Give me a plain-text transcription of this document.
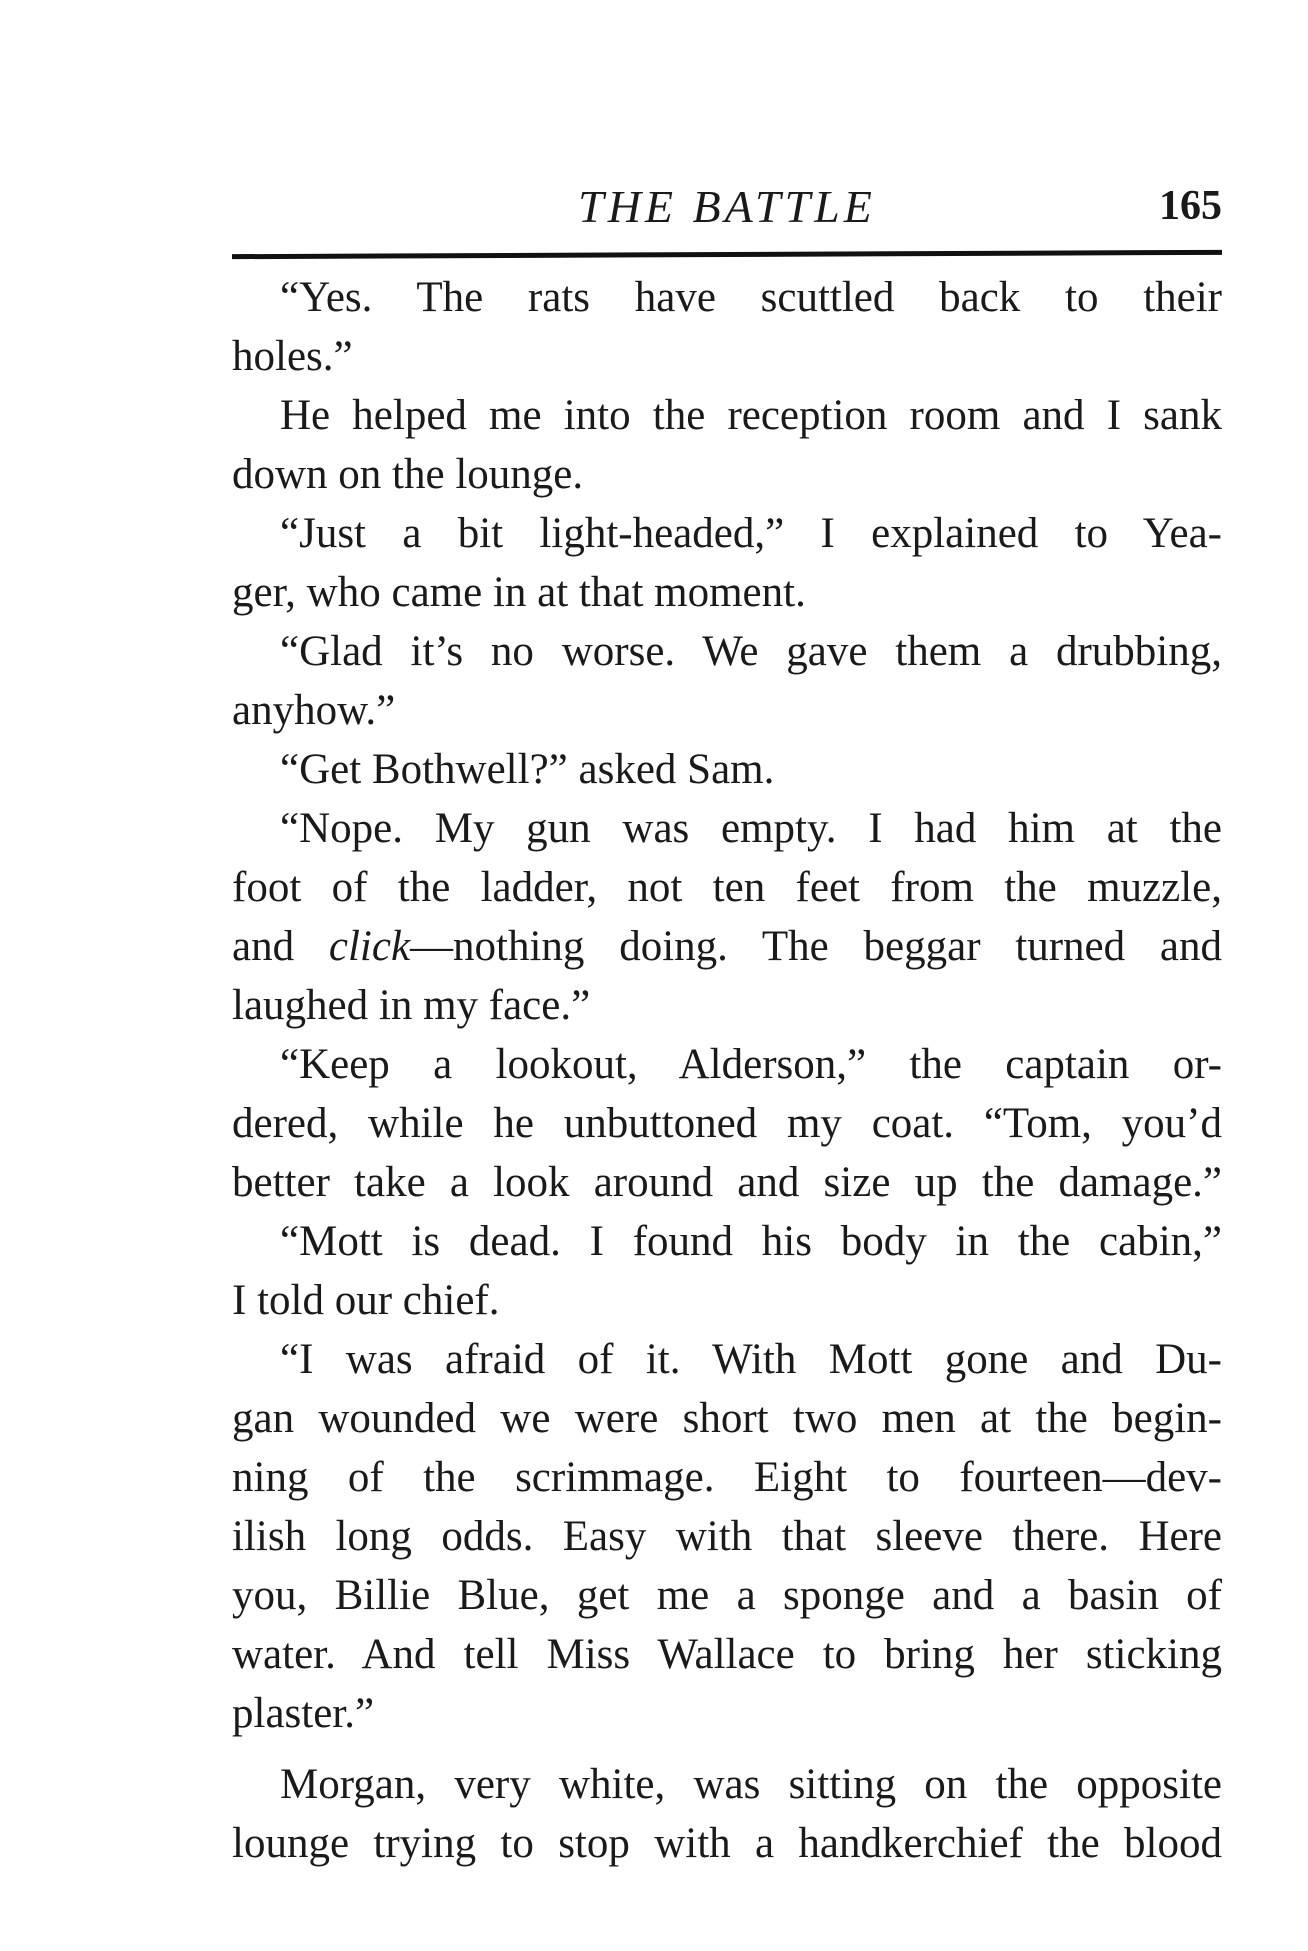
THE BATTLE	165

“Yes. The rats have scuttled back to their
holes.”

He helped me into the reception room and I sank
down on the lounge.

“Just a bit light-headed,” I explained to Yea-
ger, who came in at that moment.

“Glad it’s no worse. We gave them a drubbing,
anyhow.”

“Get Bothwell?” asked Sam.

“Nope. My gun was empty. I had him at the
foot of the ladder, not ten feet from the muzzle,
and click—nothing doing. The beggar turned and
laughed in my face.”

“Keep a lookout, Alderson,” the captain or-
dered, while he unbuttoned my coat. “Tom, you’d
better take a look around and size up the damage.”

“Mott is dead. I found his body in the cabin,”
I told our chief.

“I was afraid of it. With Mott gone and Du-
gan wounded we were short two men at the begin-
ning of the scrimmage. Eight to fourteen—dev-
ilish long odds. Easy with that sleeve there. Here
you, Billie Blue, get me a sponge and a basin of
water. And tell Miss Wallace to bring her sticking
plaster.”

Morgan, very white, was sitting on the opposite
lounge trying to stop with a handkerchief the blood
